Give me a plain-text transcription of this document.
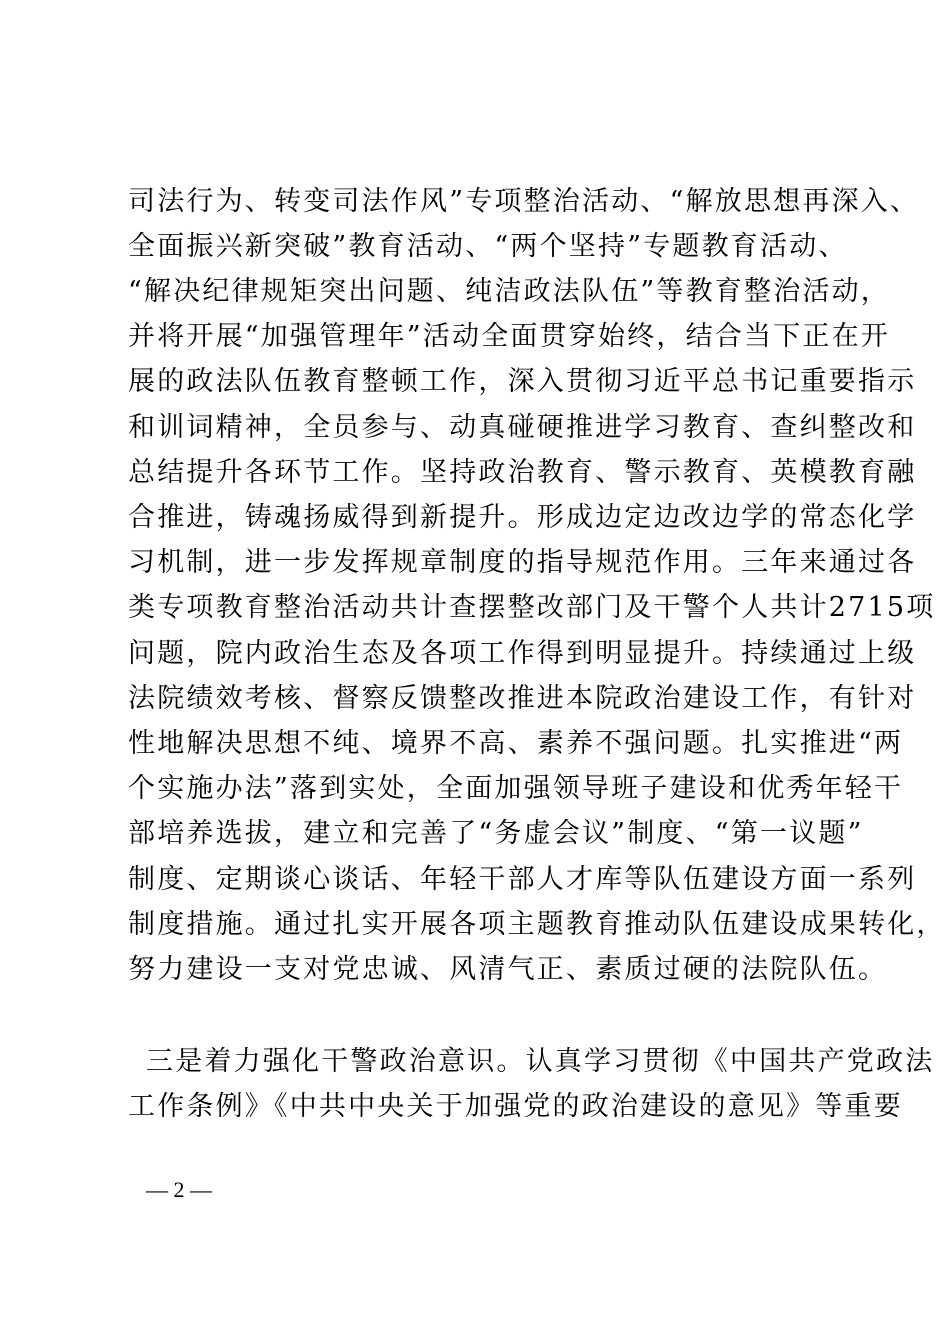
司法行为、转变司法作风”专项整治活动、“解放思想再深入、
全面振兴新突破”教育活动、“两个坚持”专题教育活动、
“解决纪律规矩突出问题、纯洁政法队伍”等教育整治活动，
并将开展“加强管理年”活动全面贯穿始终，结合当下正在开
展的政法队伍教育整顿工作，深入贯彻习近平总书记重要指示
和训词精神，全员参与、动真碰硬推进学习教育、查纠整改和
总结提升各环节工作。坚持政治教育、警示教育、英模教育融
合推进，铸魂扬威得到新提升。形成边定边改边学的常态化学
习机制，进一步发挥规章制度的指导规范作用。三年来通过各
类专项教育整治活动共计查摆整改部门及干警个人共计2715项
问题，院内政治生态及各项工作得到明显提升。持续通过上级
法院绩效考核、督察反馈整改推进本院政治建设工作，有针对
性地解决思想不纯、境界不高、素养不强问题。扎实推进“两
个实施办法”落到实处，全面加强领导班子建设和优秀年轻干
部培养选拔，建立和完善了“务虚会议”制度、“第一议题”
制度、定期谈心谈话、年轻干部人才库等队伍建设方面一系列
制度措施。通过扎实开展各项主题教育推动队伍建设成果转化，
努力建设一支对党忠诚、风清气正、素质过硬的法院队伍。
三是着力强化干警政治意识。认真学习贯彻《中国共产党政法
工作条例》《中共中央关于加强党的政治建设的意见》等重要
— 2 —
